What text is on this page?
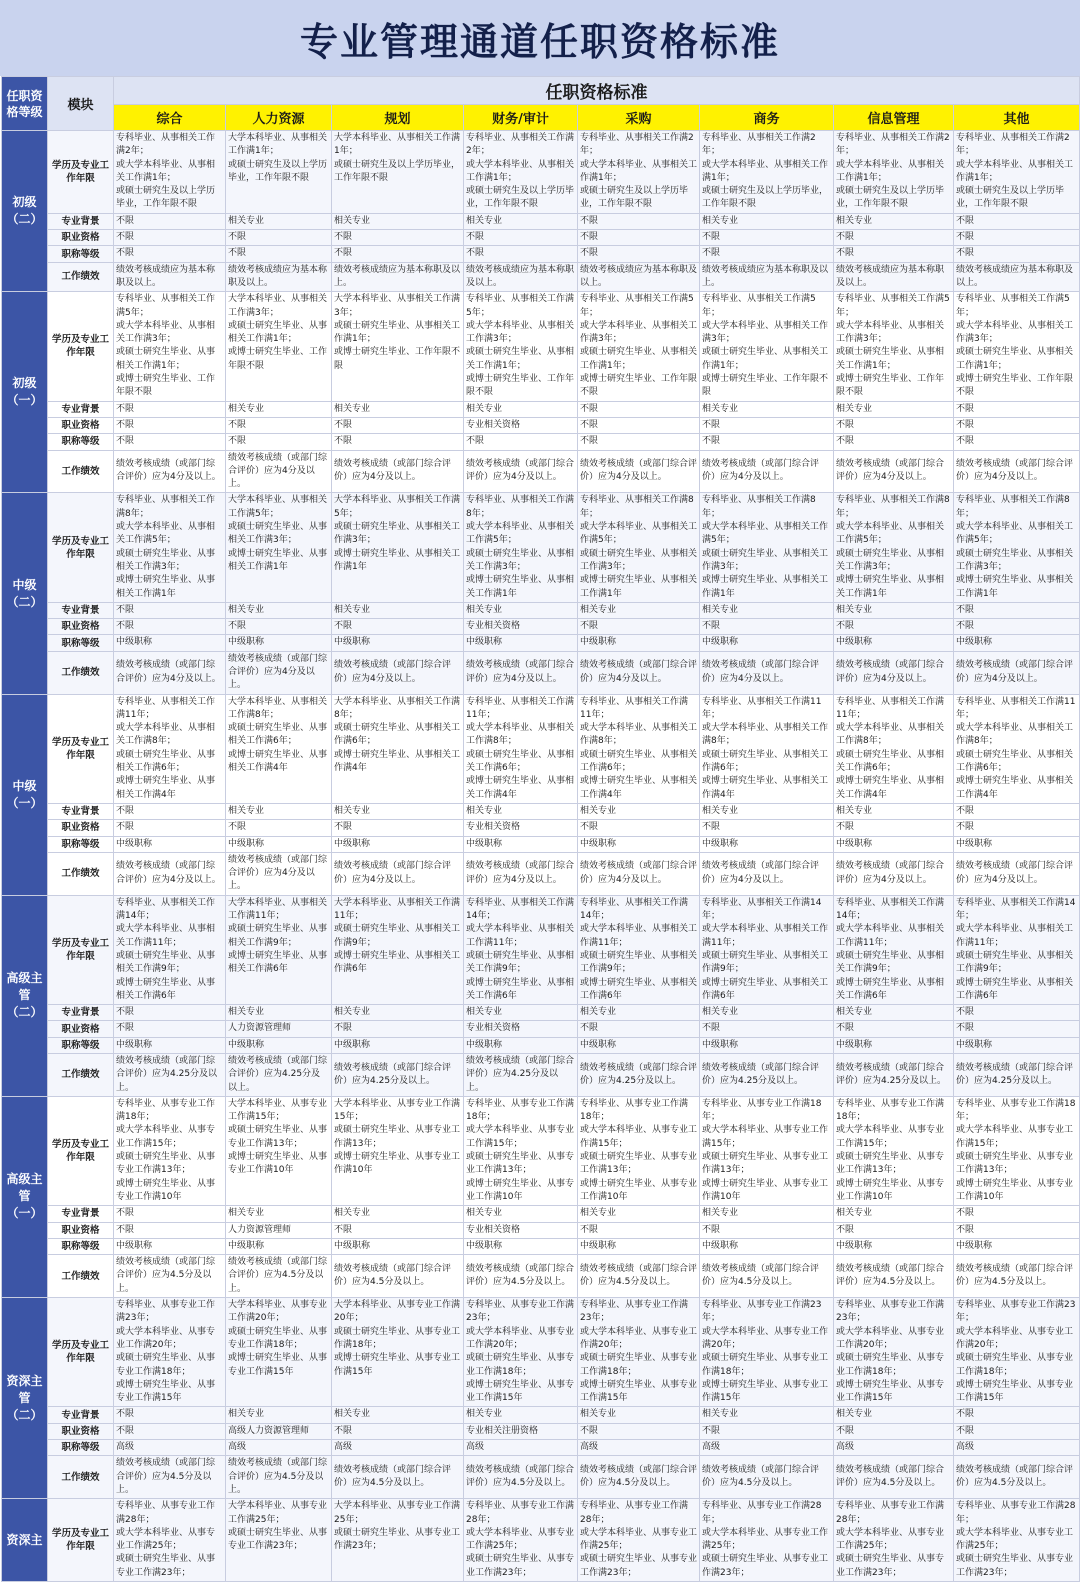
专业管理通道任职资格标准
任职资
格等级	模块	任职资格标准							
		综合	人力资源	规划	财务/审计	采购	商务	信息管理	其他
初级
（二）	学历及专业工
作年限	专科毕业、从事相关工作满2年；
或大学本科毕业、从事相关工作满1年；
或硕士研究生及以上学历毕业，工作年限不限	大学本科毕业、从事相关工作满1年；
或硕士研究生及以上学历毕业，工作年限不限	大学本科毕业、从事相关工作满1年；
或硕士研究生及以上学历毕业，工作年限不限	专科毕业、从事相关工作满2年；
或大学本科毕业、从事相关工作满1年；
或硕士研究生及以上学历毕业，工作年限不限	专科毕业、从事相关工作满2年；
或大学本科毕业、从事相关工作满1年；
或硕士研究生及以上学历毕业，工作年限不限	专科毕业、从事相关工作满2年；
或大学本科毕业、从事相关工作满1年；
或硕士研究生及以上学历毕业，工作年限不限	专科毕业、从事相关工作满2年；
或大学本科毕业、从事相关工作满1年；
或硕士研究生及以上学历毕业，工作年限不限	专科毕业、从事相关工作满2年；
或大学本科毕业、从事相关工作满1年；
或硕士研究生及以上学历毕业，工作年限不限
	专业背景	不限	相关专业	相关专业	相关专业	不限	相关专业	相关专业	不限
	职业资格	不限	不限	不限	不限	不限	不限	不限	不限
	职称等级	不限	不限	不限	不限	不限	不限	不限	不限
	工作绩效	绩效考核成绩应为基本称职及以上。	绩效考核成绩应为基本称职及以上。	绩效考核成绩应为基本称职及以上。	绩效考核成绩应为基本称职及以上。	绩效考核成绩应为基本称职及以上。	绩效考核成绩应为基本称职及以上。	绩效考核成绩应为基本称职及以上。	绩效考核成绩应为基本称职及以上。
初级
（一）	学历及专业工
作年限	专科毕业、从事相关工作满5年；
或大学本科毕业、从事相关工作满3年；
或硕士研究生毕业、从事相关工作满1年；
或博士研究生毕业、工作年限不限	大学本科毕业、从事相关工作满3年；
或硕士研究生毕业、从事相关工作满1年；
或博士研究生毕业、工作年限不限	大学本科毕业、从事相关工作满3年；
或硕士研究生毕业、从事相关工作满1年；
或博士研究生毕业、工作年限不限	专科毕业、从事相关工作满5年；
或大学本科毕业、从事相关工作满3年；
或硕士研究生毕业、从事相关工作满1年；
或博士研究生毕业、工作年限不限	专科毕业、从事相关工作满5年；
或大学本科毕业、从事相关工作满3年；
或硕士研究生毕业、从事相关工作满1年；
或博士研究生毕业、工作年限不限	专科毕业、从事相关工作满5年；
或大学本科毕业、从事相关工作满3年；
或硕士研究生毕业、从事相关工作满1年；
或博士研究生毕业、工作年限不限	专科毕业、从事相关工作满5年；
或大学本科毕业、从事相关工作满3年；
或硕士研究生毕业、从事相关工作满1年；
或博士研究生毕业、工作年限不限	专科毕业、从事相关工作满5年；
或大学本科毕业、从事相关工作满3年；
或硕士研究生毕业、从事相关工作满1年；
或博士研究生毕业、工作年限不限
	专业背景	不限	相关专业	相关专业	相关专业	不限	相关专业	相关专业	不限
	职业资格	不限	不限	不限	专业相关资格	不限	不限	不限	不限
	职称等级	不限	不限	不限	不限	不限	不限	不限	不限
	工作绩效	绩效考核成绩（或部门综合评价）应为4分及以上。	绩效考核成绩（或部门综合评价）应为4分及以上。	绩效考核成绩（或部门综合评价）应为4分及以上。	绩效考核成绩（或部门综合评价）应为4分及以上。	绩效考核成绩（或部门综合评价）应为4分及以上。	绩效考核成绩（或部门综合评价）应为4分及以上。	绩效考核成绩（或部门综合评价）应为4分及以上。	绩效考核成绩（或部门综合评价）应为4分及以上。
中级
（二）	学历及专业工
作年限	专科毕业、从事相关工作满8年；
或大学本科毕业、从事相关工作满5年；
或硕士研究生毕业、从事相关工作满3年；
或博士研究生毕业、从事相关工作满1年	大学本科毕业、从事相关工作满5年；
或硕士研究生毕业、从事相关工作满3年；
或博士研究生毕业、从事相关工作满1年	大学本科毕业、从事相关工作满5年；
或硕士研究生毕业、从事相关工作满3年；
或博士研究生毕业、从事相关工作满1年	专科毕业、从事相关工作满8年；
或大学本科毕业、从事相关工作满5年；
或硕士研究生毕业、从事相关工作满3年；
或博士研究生毕业、从事相关工作满1年	专科毕业、从事相关工作满8年；
或大学本科毕业、从事相关工作满5年；
或硕士研究生毕业、从事相关工作满3年；
或博士研究生毕业、从事相关工作满1年	专科毕业、从事相关工作满8年；
或大学本科毕业、从事相关工作满5年；
或硕士研究生毕业、从事相关工作满3年；
或博士研究生毕业、从事相关工作满1年	专科毕业、从事相关工作满8年；
或大学本科毕业、从事相关工作满5年；
或硕士研究生毕业、从事相关工作满3年；
或博士研究生毕业、从事相关工作满1年	专科毕业、从事相关工作满8年；
或大学本科毕业、从事相关工作满5年；
或硕士研究生毕业、从事相关工作满3年；
或博士研究生毕业、从事相关工作满1年
	专业背景	不限	相关专业	相关专业	相关专业	相关专业	相关专业	相关专业	不限
	职业资格	不限	不限	不限	专业相关资格	不限	不限	不限	不限
	职称等级	中级职称	中级职称	中级职称	中级职称	中级职称	中级职称	中级职称	中级职称
	工作绩效	绩效考核成绩（或部门综合评价）应为4分及以上。	绩效考核成绩（或部门综合评价）应为4分及以上。	绩效考核成绩（或部门综合评价）应为4分及以上。	绩效考核成绩（或部门综合评价）应为4分及以上。	绩效考核成绩（或部门综合评价）应为4分及以上。	绩效考核成绩（或部门综合评价）应为4分及以上。	绩效考核成绩（或部门综合评价）应为4分及以上。	绩效考核成绩（或部门综合评价）应为4分及以上。
中级
（一）	学历及专业工
作年限	专科毕业、从事相关工作满11年；
或大学本科毕业、从事相关工作满8年；
或硕士研究生毕业、从事相关工作满6年；
或博士研究生毕业、从事相关工作满4年	大学本科毕业、从事相关工作满8年；
或硕士研究生毕业、从事相关工作满6年；
或博士研究生毕业、从事相关工作满4年	大学本科毕业、从事相关工作满8年；
或硕士研究生毕业、从事相关工作满6年；
或博士研究生毕业、从事相关工作满4年	专科毕业、从事相关工作满11年；
或大学本科毕业、从事相关工作满8年；
或硕士研究生毕业、从事相关工作满6年；
或博士研究生毕业、从事相关工作满4年	专科毕业、从事相关工作满11年；
或大学本科毕业、从事相关工作满8年；
或硕士研究生毕业、从事相关工作满6年；
或博士研究生毕业、从事相关工作满4年	专科毕业、从事相关工作满11年；
或大学本科毕业、从事相关工作满8年；
或硕士研究生毕业、从事相关工作满6年；
或博士研究生毕业、从事相关工作满4年	专科毕业、从事相关工作满11年；
或大学本科毕业、从事相关工作满8年；
或硕士研究生毕业、从事相关工作满6年；
或博士研究生毕业、从事相关工作满4年	专科毕业、从事相关工作满11年；
或大学本科毕业、从事相关工作满8年；
或硕士研究生毕业、从事相关工作满6年；
或博士研究生毕业、从事相关工作满4年
	专业背景	不限	相关专业	相关专业	相关专业	相关专业	相关专业	相关专业	不限
	职业资格	不限	不限	不限	专业相关资格	不限	不限	不限	不限
	职称等级	中级职称	中级职称	中级职称	中级职称	中级职称	中级职称	中级职称	中级职称
	工作绩效	绩效考核成绩（或部门综合评价）应为4分及以上。	绩效考核成绩（或部门综合评价）应为4分及以上。	绩效考核成绩（或部门综合评价）应为4分及以上。	绩效考核成绩（或部门综合评价）应为4分及以上。	绩效考核成绩（或部门综合评价）应为4分及以上。	绩效考核成绩（或部门综合评价）应为4分及以上。	绩效考核成绩（或部门综合评价）应为4分及以上。	绩效考核成绩（或部门综合评价）应为4分及以上。
高级主
管
（二）	学历及专业工
作年限	专科毕业、从事相关工作满14年；
或大学本科毕业、从事相关工作满11年；
或硕士研究生毕业、从事相关工作满9年；
或博士研究生毕业、从事相关工作满6年	大学本科毕业、从事相关工作满11年；
或硕士研究生毕业、从事相关工作满9年；
或博士研究生毕业、从事相关工作满6年	大学本科毕业、从事相关工作满11年；
或硕士研究生毕业、从事相关工作满9年；
或博士研究生毕业、从事相关工作满6年	专科毕业、从事相关工作满14年；
或大学本科毕业、从事相关工作满11年；
或硕士研究生毕业、从事相关工作满9年；
或博士研究生毕业、从事相关工作满6年	专科毕业、从事相关工作满14年；
或大学本科毕业、从事相关工作满11年；
或硕士研究生毕业、从事相关工作满9年；
或博士研究生毕业、从事相关工作满6年	专科毕业、从事相关工作满14年；
或大学本科毕业、从事相关工作满11年；
或硕士研究生毕业、从事相关工作满9年；
或博士研究生毕业、从事相关工作满6年	专科毕业、从事相关工作满14年；
或大学本科毕业、从事相关工作满11年；
或硕士研究生毕业、从事相关工作满9年；
或博士研究生毕业、从事相关工作满6年	专科毕业、从事相关工作满14年；
或大学本科毕业、从事相关工作满11年；
或硕士研究生毕业、从事相关工作满9年；
或博士研究生毕业、从事相关工作满6年
	专业背景	不限	相关专业	相关专业	相关专业	相关专业	相关专业	相关专业	不限
	职业资格	不限	人力资源管理师	不限	专业相关资格	不限	不限	不限	不限
	职称等级	中级职称	中级职称	中级职称	中级职称	中级职称	中级职称	中级职称	中级职称
	工作绩效	绩效考核成绩（或部门综合评价）应为4.25分及以上。	绩效考核成绩（或部门综合评价）应为4.25分及以上。	绩效考核成绩（或部门综合评价）应为4.25分及以上。	绩效考核成绩（或部门综合评价）应为4.25分及以上。	绩效考核成绩（或部门综合评价）应为4.25分及以上。	绩效考核成绩（或部门综合评价）应为4.25分及以上。	绩效考核成绩（或部门综合评价）应为4.25分及以上。	绩效考核成绩（或部门综合评价）应为4.25分及以上。
高级主
管
（一）	学历及专业工
作年限	专科毕业、从事专业工作满18年；
或大学本科毕业、从事专业工作满15年；
或硕士研究生毕业、从事专业工作满13年；
或博士研究生毕业、从事专业工作满10年	大学本科毕业、从事专业工作满15年；
或硕士研究生毕业、从事专业工作满13年；
或博士研究生毕业、从事专业工作满10年	大学本科毕业、从事专业工作满15年；
或硕士研究生毕业、从事专业工作满13年；
或博士研究生毕业、从事专业工作满10年	专科毕业、从事专业工作满18年；
或大学本科毕业、从事专业工作满15年；
或硕士研究生毕业、从事专业工作满13年；
或博士研究生毕业、从事专业工作满10年	专科毕业、从事专业工作满18年；
或大学本科毕业、从事专业工作满15年；
或硕士研究生毕业、从事专业工作满13年；
或博士研究生毕业、从事专业工作满10年	专科毕业、从事专业工作满18年；
或大学本科毕业、从事专业工作满15年；
或硕士研究生毕业、从事专业工作满13年；
或博士研究生毕业、从事专业工作满10年	专科毕业、从事专业工作满18年；
或大学本科毕业、从事专业工作满15年；
或硕士研究生毕业、从事专业工作满13年；
或博士研究生毕业、从事专业工作满10年	专科毕业、从事专业工作满18年；
或大学本科毕业、从事专业工作满15年；
或硕士研究生毕业、从事专业工作满13年；
或博士研究生毕业、从事专业工作满10年
	专业背景	不限	相关专业	相关专业	相关专业	相关专业	相关专业	相关专业	不限
	职业资格	不限	人力资源管理师	不限	专业相关资格	不限	不限	不限	不限
	职称等级	中级职称	中级职称	中级职称	中级职称	中级职称	中级职称	中级职称	中级职称
	工作绩效	绩效考核成绩（或部门综合评价）应为4.5分及以上。	绩效考核成绩（或部门综合评价）应为4.5分及以上。	绩效考核成绩（或部门综合评价）应为4.5分及以上。	绩效考核成绩（或部门综合评价）应为4.5分及以上。	绩效考核成绩（或部门综合评价）应为4.5分及以上。	绩效考核成绩（或部门综合评价）应为4.5分及以上。	绩效考核成绩（或部门综合评价）应为4.5分及以上。	绩效考核成绩（或部门综合评价）应为4.5分及以上。
资深主
管
（二）	学历及专业工
作年限	专科毕业、从事专业工作满23年；
或大学本科毕业、从事专业工作满20年；
或硕士研究生毕业、从事专业工作满18年；
或博士研究生毕业、从事专业工作满15年	大学本科毕业、从事专业工作满20年；
或硕士研究生毕业、从事专业工作满18年；
或博士研究生毕业、从事专业工作满15年	大学本科毕业、从事专业工作满20年；
或硕士研究生毕业、从事专业工作满18年；
或博士研究生毕业、从事专业工作满15年	专科毕业、从事专业工作满23年；
或大学本科毕业、从事专业工作满20年；
或硕士研究生毕业、从事专业工作满18年；
或博士研究生毕业、从事专业工作满15年	专科毕业、从事专业工作满23年；
或大学本科毕业、从事专业工作满20年；
或硕士研究生毕业、从事专业工作满18年；
或博士研究生毕业、从事专业工作满15年	专科毕业、从事专业工作满23年；
或大学本科毕业、从事专业工作满20年；
或硕士研究生毕业、从事专业工作满18年；
或博士研究生毕业、从事专业工作满15年	专科毕业、从事专业工作满23年；
或大学本科毕业、从事专业工作满20年；
或硕士研究生毕业、从事专业工作满18年；
或博士研究生毕业、从事专业工作满15年	专科毕业、从事专业工作满23年；
或大学本科毕业、从事专业工作满20年；
或硕士研究生毕业、从事专业工作满18年；
或博士研究生毕业、从事专业工作满15年
	专业背景	不限	相关专业	相关专业	相关专业	相关专业	相关专业	相关专业	不限
	职业资格	不限	高级人力资源管理师	不限	专业相关注册资格	不限	不限	不限	不限
	职称等级	高级	高级	高级	高级	高级	高级	高级	高级
	工作绩效	绩效考核成绩（或部门综合评价）应为4.5分及以上。	绩效考核成绩（或部门综合评价）应为4.5分及以上。	绩效考核成绩（或部门综合评价）应为4.5分及以上。	绩效考核成绩（或部门综合评价）应为4.5分及以上。	绩效考核成绩（或部门综合评价）应为4.5分及以上。	绩效考核成绩（或部门综合评价）应为4.5分及以上。	绩效考核成绩（或部门综合评价）应为4.5分及以上。	绩效考核成绩（或部门综合评价）应为4.5分及以上。
资深主	学历及专业工
作年限	专科毕业、从事专业工作满28年；
或大学本科毕业、从事专业工作满25年；
或硕士研究生毕业、从事专业工作满23年；	大学本科毕业、从事专业工作满25年；
或硕士研究生毕业、从事专业工作满23年；	大学本科毕业、从事专业工作满25年；
或硕士研究生毕业、从事专业工作满23年；	专科毕业、从事专业工作满28年；
或大学本科毕业、从事专业工作满25年；
或硕士研究生毕业、从事专业工作满23年；	专科毕业、从事专业工作满28年；
或大学本科毕业、从事专业工作满25年；
或硕士研究生毕业、从事专业工作满23年；	专科毕业、从事专业工作满28年；
或大学本科毕业、从事专业工作满25年；
或硕士研究生毕业、从事专业工作满23年；	专科毕业、从事专业工作满28年；
或大学本科毕业、从事专业工作满25年；
或硕士研究生毕业、从事专业工作满23年；	专科毕业、从事专业工作满28年；
或大学本科毕业、从事专业工作满25年；
或硕士研究生毕业、从事专业工作满23年；
